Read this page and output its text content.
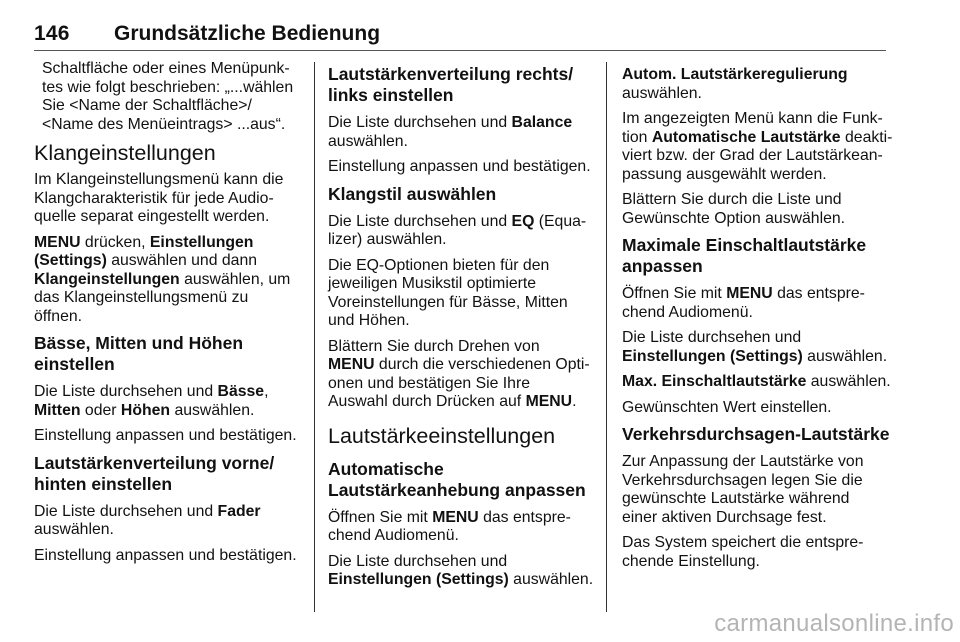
146 Grundsätzliche Bedienung

Schaltfläche oder eines Menüpunk-
tes wie folgt beschrieben: „...wählen
Sie <Name der Schaltfläche>/
<Name des Menüeintrags> ...aus“.

Klangeinstellungen

Im Klangeinstellungsmenü kann die
Klangcharakteristik für jede Audio-
quelle separat eingestellt werden.

MENU drücken, Einstellungen
(Settings) auswählen und dann
Klangeinstellungen auswählen, um
das Klangeinstellungsmenü zu
öffnen.

Bässe, Mitten und Höhen
einstellen

Die Liste durchsehen und Bässe,
Mitten oder Höhen auswählen.

Einstellung anpassen und bestätigen.

Lautstärkenverteilung vorne/
hinten einstellen

Die Liste durchsehen und Fader
auswählen.

Einstellung anpassen und bestätigen.

Lautstärkenverteilung rechts/
links einstellen

Die Liste durchsehen und Balance
auswählen.

Einstellung anpassen und bestätigen.

Klangstil auswählen

Die Liste durchsehen und EQ (Equa-
lizer) auswählen.

Die EQ-Optionen bieten für den
jeweiligen Musikstil optimierte
Voreinstellungen für Bässe, Mitten
und Höhen.

Blättern Sie durch Drehen von
MENU durch die verschiedenen Opti-
onen und bestätigen Sie Ihre
Auswahl durch Drücken auf MENU.

Lautstärkeeinstellungen
Automatische
Lautstärkeanhebung anpassen

Öffnen Sie mit MENU das entspre-
chend Audiomenü.

Die Liste durchsehen und
Einstellungen (Settings) auswählen.

Autom. Lautstärkeregulierung
auswählen.

Im angezeigten Menü kann die Funk-
tion Automatische Lautstärke deakti-
viert bzw. der Grad der Lautstärkean-
passung ausgewählt werden.

Blättern Sie durch die Liste und
Gewünschte Option auswählen.

Maximale Einschaltlautstärke
anpassen

Öffnen Sie mit MENU das entspre-
chend Audiomenü.

Die Liste durchsehen und
Einstellungen (Settings) auswählen.

Max. Einschaltlautstärke auswählen.

Gewünschten Wert einstellen.

Verkehrsdurchsagen-Lautstärke

Zur Anpassung der Lautstärke von
Verkehrsdurchsagen legen Sie die
gewünschte Lautstärke während
einer aktiven Durchsage fest.

Das System speichert die entspre-
chende Einstellung.

carmanualsonline.info
